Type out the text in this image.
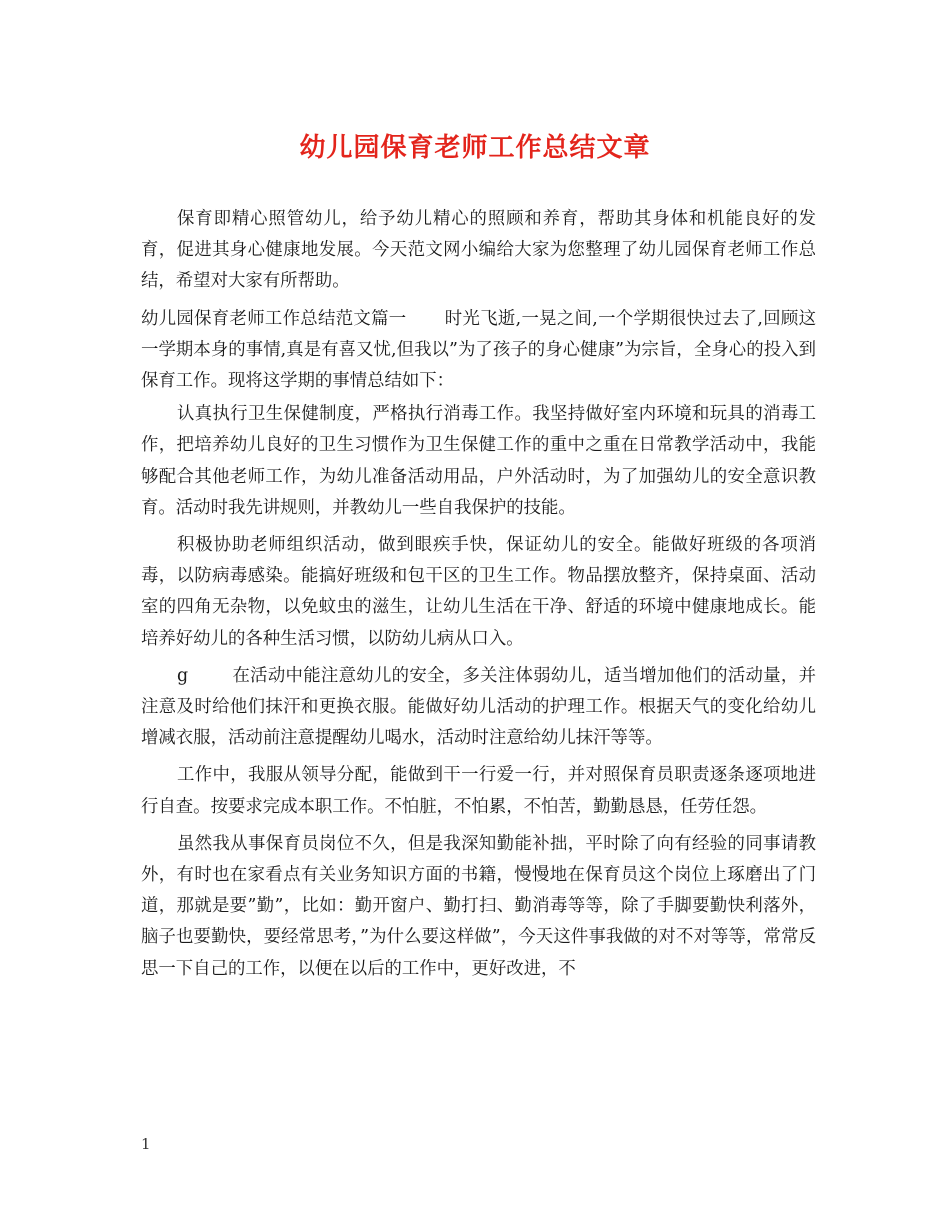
幼儿园保育老师工作总结文章

保育即精心照管幼儿，给予幼儿精心的照顾和养育，帮助其身体和机能良好的发育，促进其身心健康地发展。今天范文网小编给大家为您整理了幼儿园保育老师工作总结，希望对大家有所帮助。

幼儿园保育老师工作总结范文篇一 时光飞逝,一晃之间,一个学期很快过去了,回顾这一学期本身的事情,真是有喜又忧,但我以”为了孩子的身心健康”为宗旨，全身心的投入到保育工作。现将这学期的事情总结如下：

认真执行卫生保健制度，严格执行消毒工作。我坚持做好室内环境和玩具的消毒工作，把培养幼儿良好的卫生习惯作为卫生保健工作的重中之重在日常教学活动中，我能够配合其他老师工作，为幼儿准备活动用品，户外活动时，为了加强幼儿的安全意识教育。活动时我先讲规则，并教幼儿一些自我保护的技能。

积极协助老师组织活动，做到眼疾手快，保证幼儿的安全。能做好班级的各项消毒，以防病毒感染。能搞好班级和包干区的卫生工作。物品摆放整齐，保持桌面、活动室的四角无杂物，以免蚊虫的滋生，让幼儿生活在干净、舒适的环境中健康地成长。能培养好幼儿的各种生活习惯，以防幼儿病从口入。

g	在活动中能注意幼儿的安全，多关注体弱幼儿，适当增加他们的活动量，并注意及时给他们抹汗和更换衣服。能做好幼儿活动的护理工作。根据天气的变化给幼儿增减衣服，活动前注意提醒幼儿喝水，活动时注意给幼儿抹汗等等。

工作中，我服从领导分配，能做到干一行爱一行，并对照保育员职责逐条逐项地进行自查。按要求完成本职工作。不怕脏，不怕累，不怕苦，勤勤恳恳，任劳任怨。

虽然我从事保育员岗位不久，但是我深知勤能补拙，平时除了向有经验的同事请教外，有时也在家看点有关业务知识方面的书籍，慢慢地在保育员这个岗位上琢磨出了门道，那就是要”勤”，比如：勤开窗户、勤打扫、勤消毒等等，除了手脚要勤快利落外，脑子也要勤快，要经常思考，”为什么要这样做”，今天这件事我做的对不对等等，常常反思一下自己的工作，以便在以后的工作中，更好改进，不

1
